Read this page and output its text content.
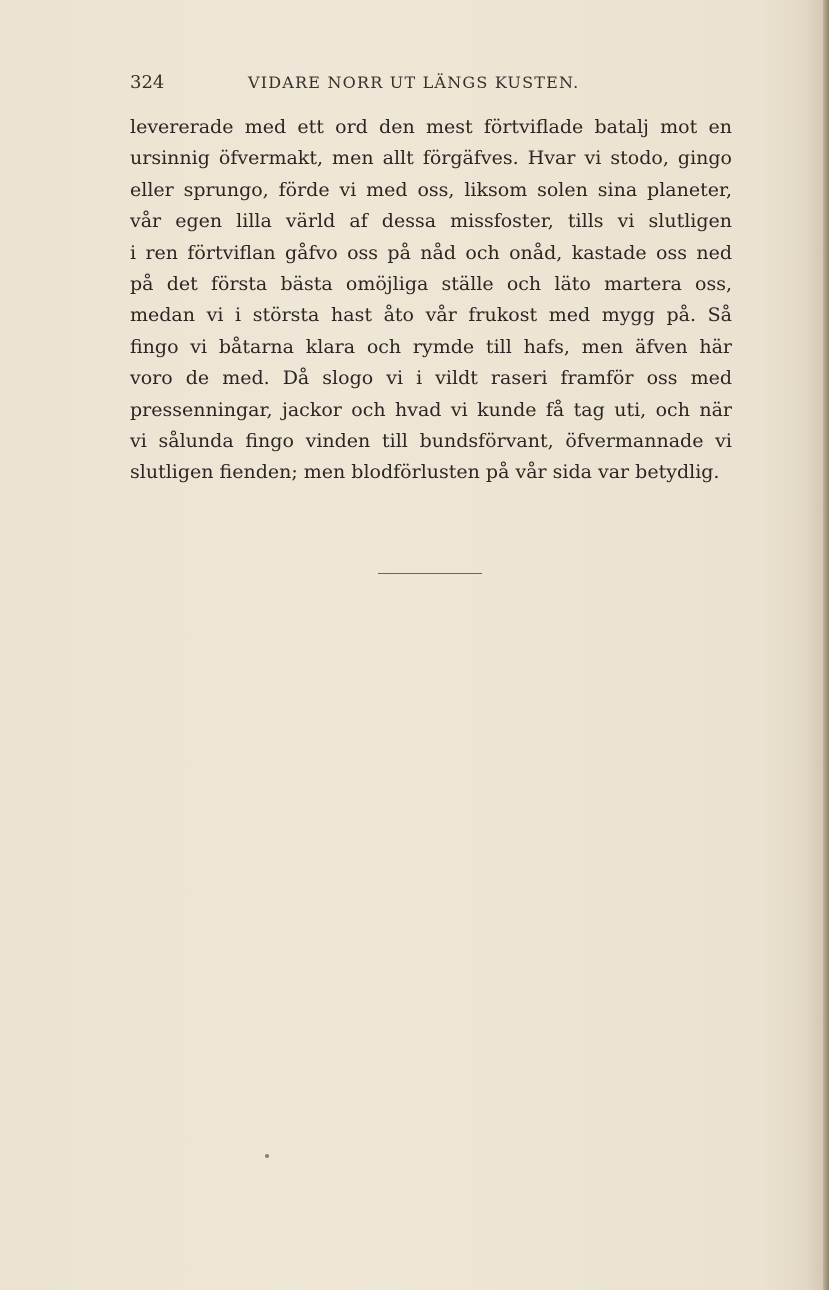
324	VIDARE NORR UT LÄNGS KUSTEN.
levererade med ett ord den mest förtviflade batalj mot en
ursinnig öfvermakt, men allt förgäfves. Hvar vi stodo, gingo
eller sprungo, förde vi med oss, liksom solen sina planeter,
vår egen lilla värld af dessa missfoster, tills vi slutligen
i ren förtviflan gåfvo oss på nåd och onåd, kastade oss ned
på det första bästa omöjliga ställe och läto martera oss,
medan vi i största hast åto vår frukost med mygg på. Så
fingo vi båtarna klara och rymde till hafs, men äfven här
voro de med. Då slogo vi i vildt raseri framför oss med
pressenningar, jackor och hvad vi kunde få tag uti, och när
vi sålunda fingo vinden till bundsförvant, öfvermannade vi
slutligen fienden; men blodförlusten på vår sida var betydlig.
